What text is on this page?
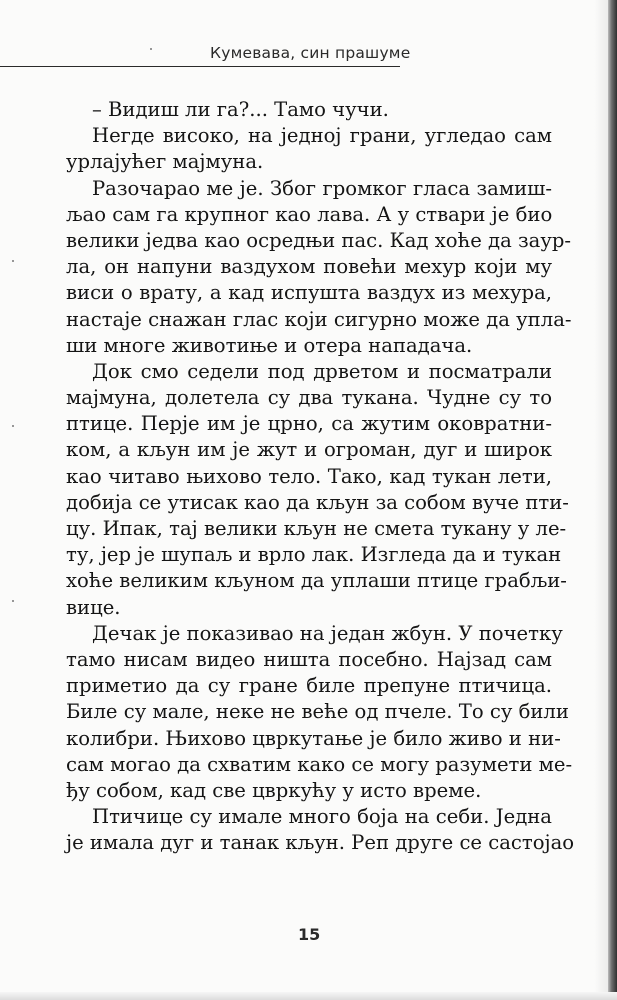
Кумевава, син прашуме
– Видиш ли га?... Тамо чучи.
Негде високо, на једној грани, угледао сам
урлајућег мајмуна.
Разочарао ме је. Због громког гласа замиш-
љао сам га крупног као лава. А у ствари је био
велики једва као осредњи пас. Кад хоће да заур-
ла, он напуни ваздухом повећи мехур који му
виси о врату, а кад испушта ваздух из мехура,
настаје снажан глас који сигурно може да упла-
ши многе животиње и отера нападача.
Док смо седели под дрветом и посматрали
мајмуна, долетела су два тукана. Чудне су то
птице. Перје им је црно, са жутим оковратни-
ком, а кљун им је жут и огроман, дуг и широк
као читаво њихово тело. Тако, кад тукан лети,
добија се утисак као да кљун за собом вуче пти-
цу. Ипак, тај велики кљун не смета тукану у ле-
ту, јер је шупаљ и врло лак. Изгледа да и тукан
хоће великим кљуном да уплаши птице грабљи-
вице.
Дечак је показивао на један жбун. У почетку
тамо нисам видео ништа посебно. Најзад сам
приметио да су гране биле препуне птичица.
Биле су мале, неке не веће од пчеле. То су били
колибри. Њихово цвркутање је било живо и ни-
сам могао да схватим како се могу разумети ме-
ђу собом, кад све цвркућу у исто време.
Птичице су имале много боја на себи. Једна
је имала дуг и танак кљун. Реп друге се састојао
15
